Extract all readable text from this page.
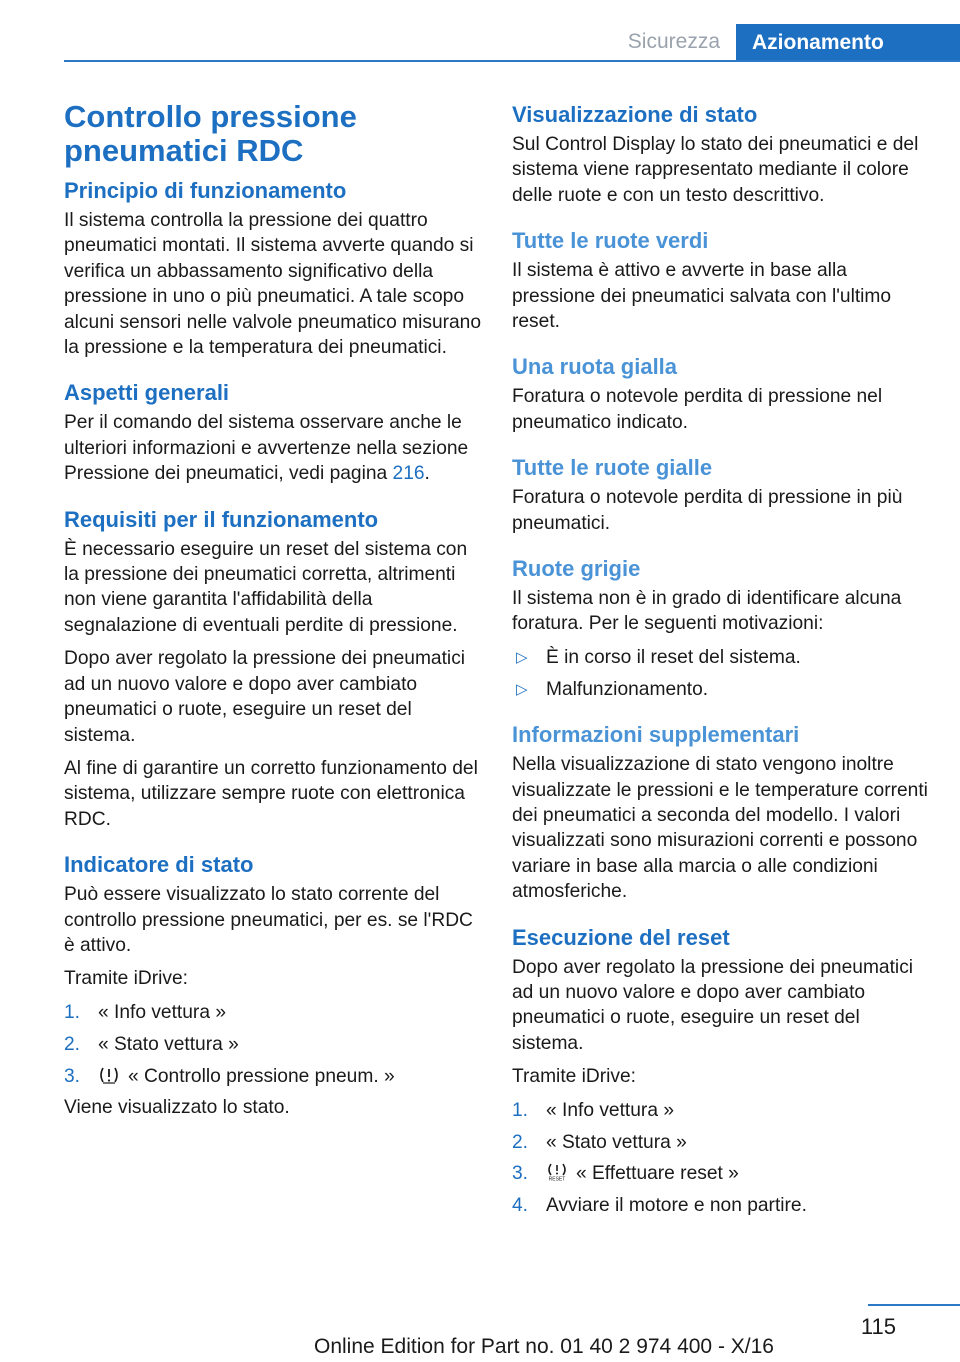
Sicurezza	Azionamento
Controllo pressione pneumatici RDC
Principio di funzionamento

Il sistema controlla la pressione dei quattro pneumatici montati. Il sistema avverte quando si verifica un abbassamento significativo della pressione in uno o più pneumatici. A tale scopo alcuni sensori nelle valvole pneumatico misurano la pressione e la temperatura dei pneumatici.

Aspetti generali

Per il comando del sistema osservare anche le ulteriori informazioni e avvertenze nella sezione Pressione dei pneumatici, vedi pagina 216.

Requisiti per il funzionamento

È necessario eseguire un reset del sistema con la pressione dei pneumatici corretta, altrimenti non viene garantita l'affidabilità della segnalazione di eventuali perdite di pressione.

Dopo aver regolato la pressione dei pneumatici ad un nuovo valore e dopo aver cambiato pneumatici o ruote, eseguire un reset del sistema.

Al fine di garantire un corretto funzionamento del sistema, utilizzare sempre ruote con elettronica RDC.

Indicatore di stato

Può essere visualizzato lo stato corrente del controllo pressione pneumatici, per es. se l'RDC è attivo.

Tramite iDrive:

1. « Info vettura »
2. « Stato vettura »
3. « Controllo pressione pneum. »

Viene visualizzato lo stato.

Visualizzazione di stato

Sul Control Display lo stato dei pneumatici e del sistema viene rappresentato mediante il colore delle ruote e con un testo descrittivo.

Tutte le ruote verdi

Il sistema è attivo e avverte in base alla pressione dei pneumatici salvata con l'ultimo reset.

Una ruota gialla

Foratura o notevole perdita di pressione nel pneumatico indicato.

Tutte le ruote gialle

Foratura o notevole perdita di pressione in più pneumatici.

Ruote grigie

Il sistema non è in grado di identificare alcuna foratura. Per le seguenti motivazioni:

▷ È in corso il reset del sistema.
▷ Malfunzionamento.
Informazioni supplementari

Nella visualizzazione di stato vengono inoltre visualizzate le pressioni e le temperature correnti dei pneumatici a seconda del modello. I valori visualizzati sono misurazioni correnti e possono variare in base alla marcia o alle condizioni atmosferiche.

Esecuzione del reset

Dopo aver regolato la pressione dei pneumatici ad un nuovo valore e dopo aver cambiato pneumatici o ruote, eseguire un reset del sistema.

Tramite iDrive:

1. « Info vettura »
2. « Stato vettura »
3.	RESET « Effettuare reset »
4. Avviare il motore e non partire.
115
Online Edition for Part no. 01 40 2 974 400 - X/16
